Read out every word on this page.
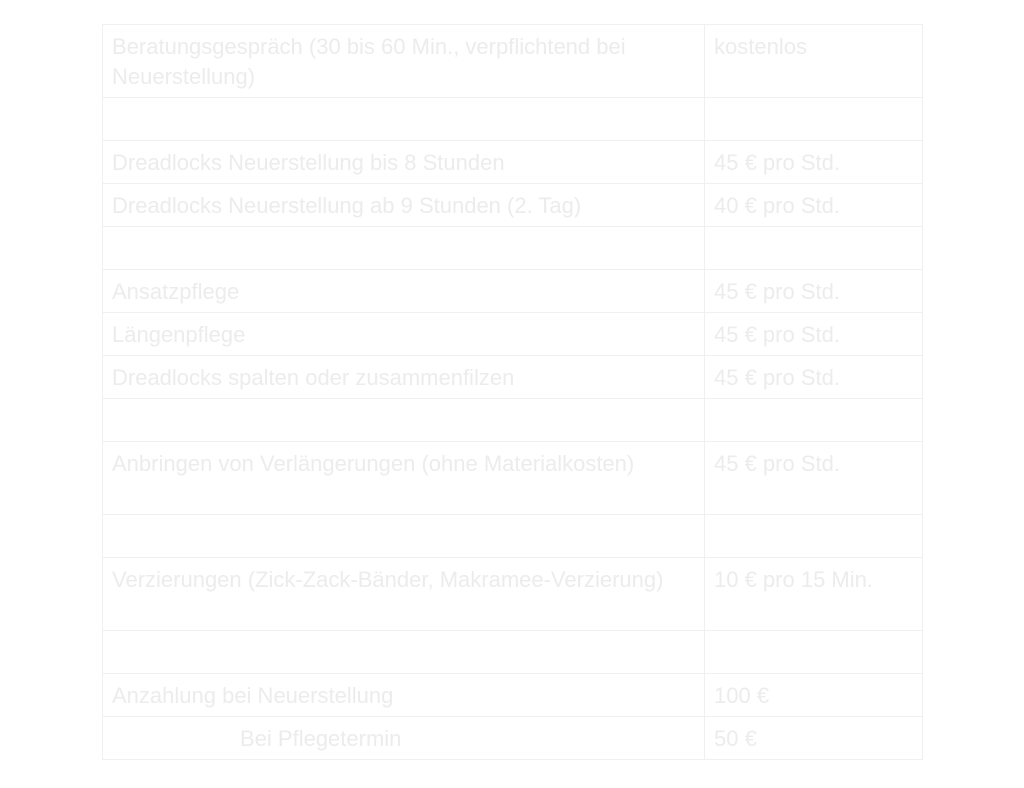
Beratungsgespräch (30 bis 60 Min., verpflichtend bei Neuerstellung)	kostenlos

Dreadlocks Neuerstellung bis 8 Stunden	45 € pro Std.
Dreadlocks Neuerstellung ab 9 Stunden (2. Tag)	40 € pro Std.

Ansatzpflege	45 € pro Std.
Längenpflege	45 € pro Std.
Dreadlocks spalten oder zusammenfilzen	45 € pro Std.

Anbringen von Verlängerungen (ohne Materialkosten)	45 € pro Std.

Verzierungen (Zick-Zack-Bänder, Makramee-Verzierung)	10 € pro 15 Min.

Anzahlung bei Neuerstellung	100 €
Bei Pflegetermin	50 €
